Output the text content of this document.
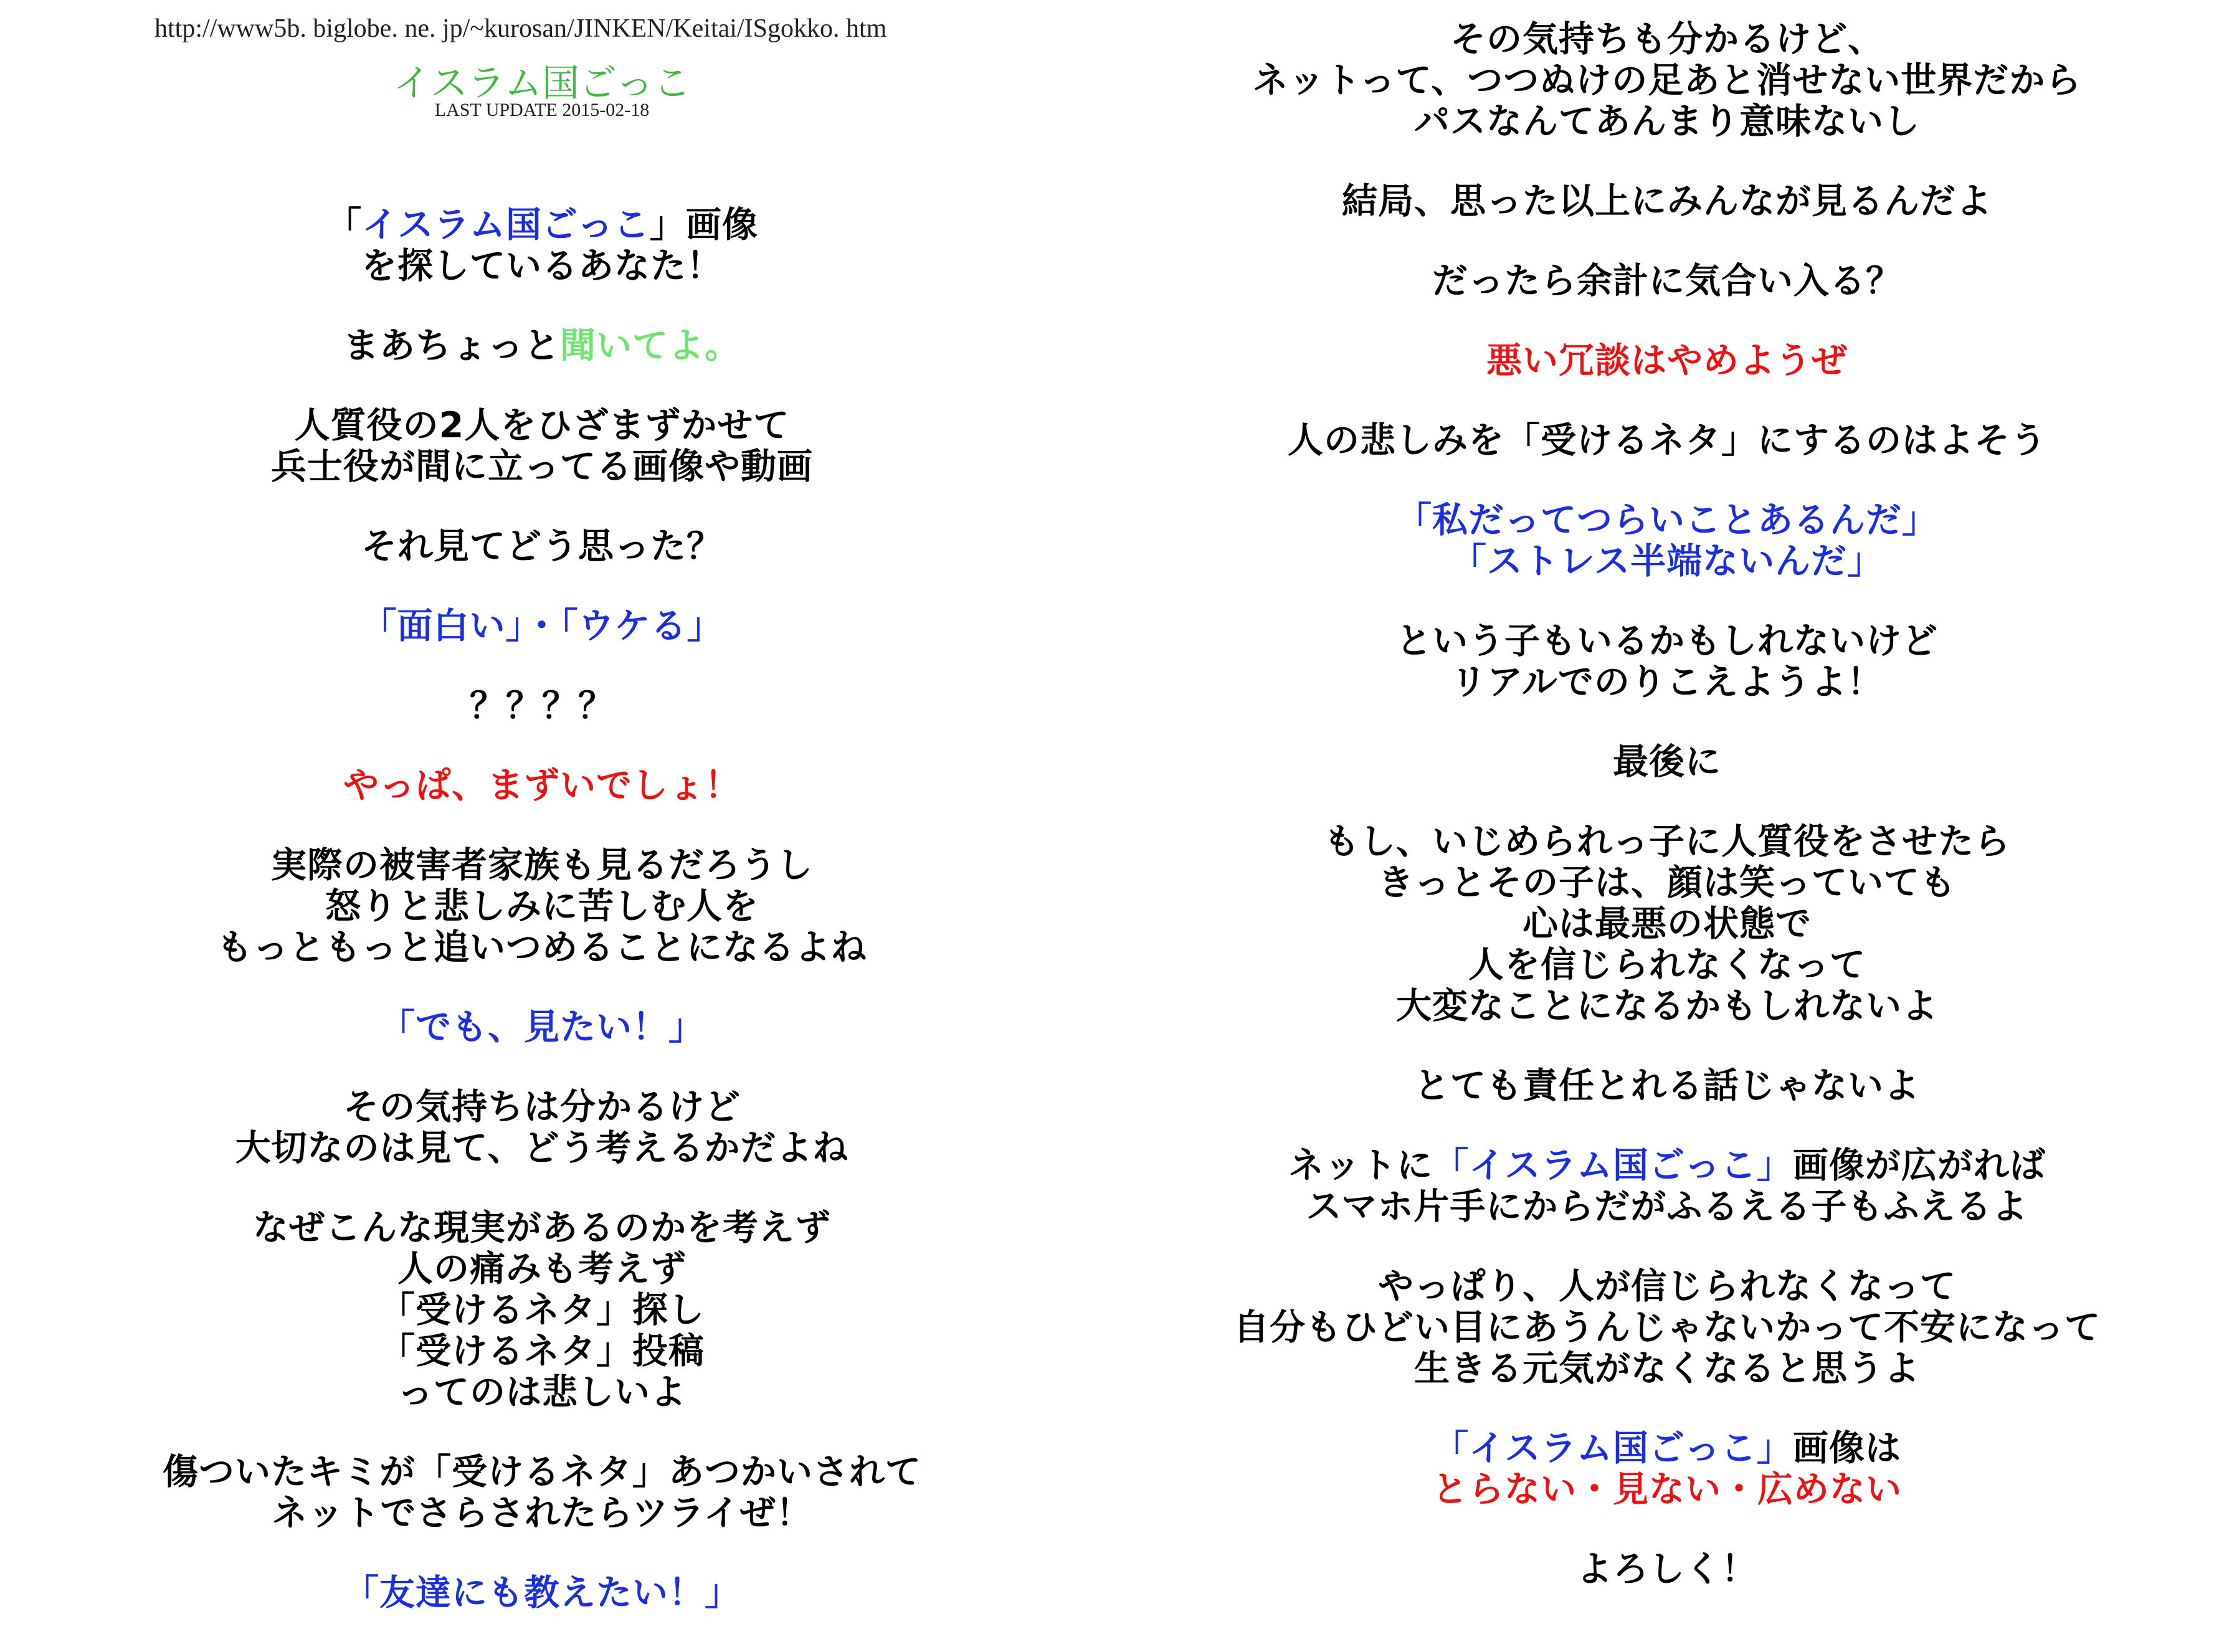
http://www5b. biglobe. ne. jp/~kurosan/JINKEN/Keitai/ISgokko. htm
イスラム国ごっこ
LAST UPDATE 2015-02-18
「イスラム国ごっこ」画像
を探しているあなた！
まあちょっと聞いてよ。
人質役の2人をひざまずかせて
兵士役が間に立ってる画像や動画
それ見てどう思った？
「面白い」・「ウケる」
？？？？
やっぱ、まずいでしょ！
実際の被害者家族も見るだろうし
怒りと悲しみに苦しむ人を
もっともっと追いつめることになるよね
「でも、見たい！」
その気持ちは分かるけど
大切なのは見て、どう考えるかだよね
なぜこんな現実があるのかを考えず
人の痛みも考えず
「受けるネタ」探し
「受けるネタ」投稿
ってのは悲しいよ
傷ついたキミが「受けるネタ」あつかいされて
ネットでさらされたらツライぜ！
「友達にも教えたい！」
その気持ちも分かるけど、
ネットって、つつぬけの足あと消せない世界だから
パスなんてあんまり意味ないし
結局、思った以上にみんなが見るんだよ
だったら余計に気合い入る？
悪い冗談はやめようぜ
人の悲しみを「受けるネタ」にするのはよそう
「私だってつらいことあるんだ」
「ストレス半端ないんだ」
という子もいるかもしれないけど
リアルでのりこえようよ！
最後に
もし、いじめられっ子に人質役をさせたら
きっとその子は、顔は笑っていても
心は最悪の状態で
人を信じられなくなって
大変なことになるかもしれないよ
とても責任とれる話じゃないよ
ネットに「イスラム国ごっこ」画像が広がれば
スマホ片手にからだがふるえる子もふえるよ
やっぱり、人が信じられなくなって
自分もひどい目にあうんじゃないかって不安になって
生きる元気がなくなると思うよ
「イスラム国ごっこ」画像は
とらない・見ない・広めない
よろしく！
